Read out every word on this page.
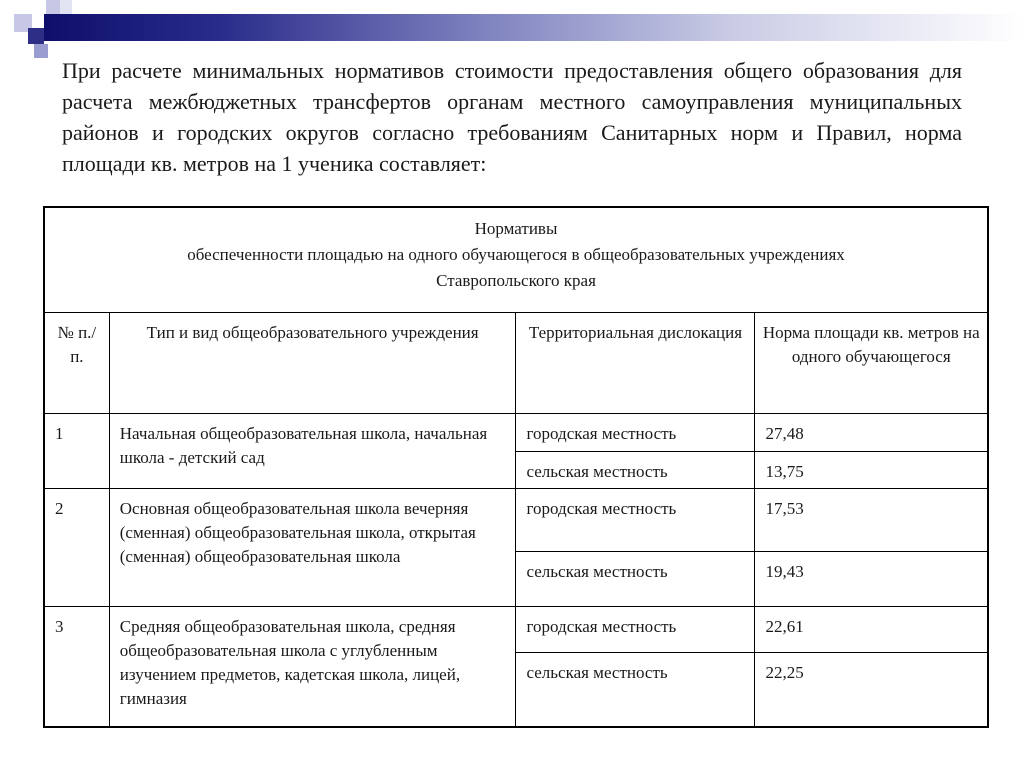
При расчете минимальных нормативов стоимости предоставления общего образования для расчета межбюджетных трансфертов органам местного самоуправления муниципальных районов и городских округов согласно требованиям Санитарных норм и Правил, норма площади кв. метров на 1 ученика составляет:

Нормативы
обеспеченности площадью на одного обучающегося в общеобразовательных учреждениях
Ставропольского края			

№ п./п.	Тип и вид общеобразовательного учреждения	Территориальная дислокация	Норма площади кв. метров на одного обучающегося
1	Начальная общеобразовательная школа, начальная школа - детский сад	городская местность	27,48
		сельская местность	13,75
2	Основная общеобразовательная школа вечерняя (сменная) общеобразовательная школа, открытая (сменная) общеобразовательная школа	городская местность	17,53
		сельская местность	19,43
3	Средняя общеобразовательная школа, средняя общеобразовательная школа с углубленным изучением предметов, кадетская школа, лицей, гимназия	городская местность	22,61
		сельская местность	22,25
